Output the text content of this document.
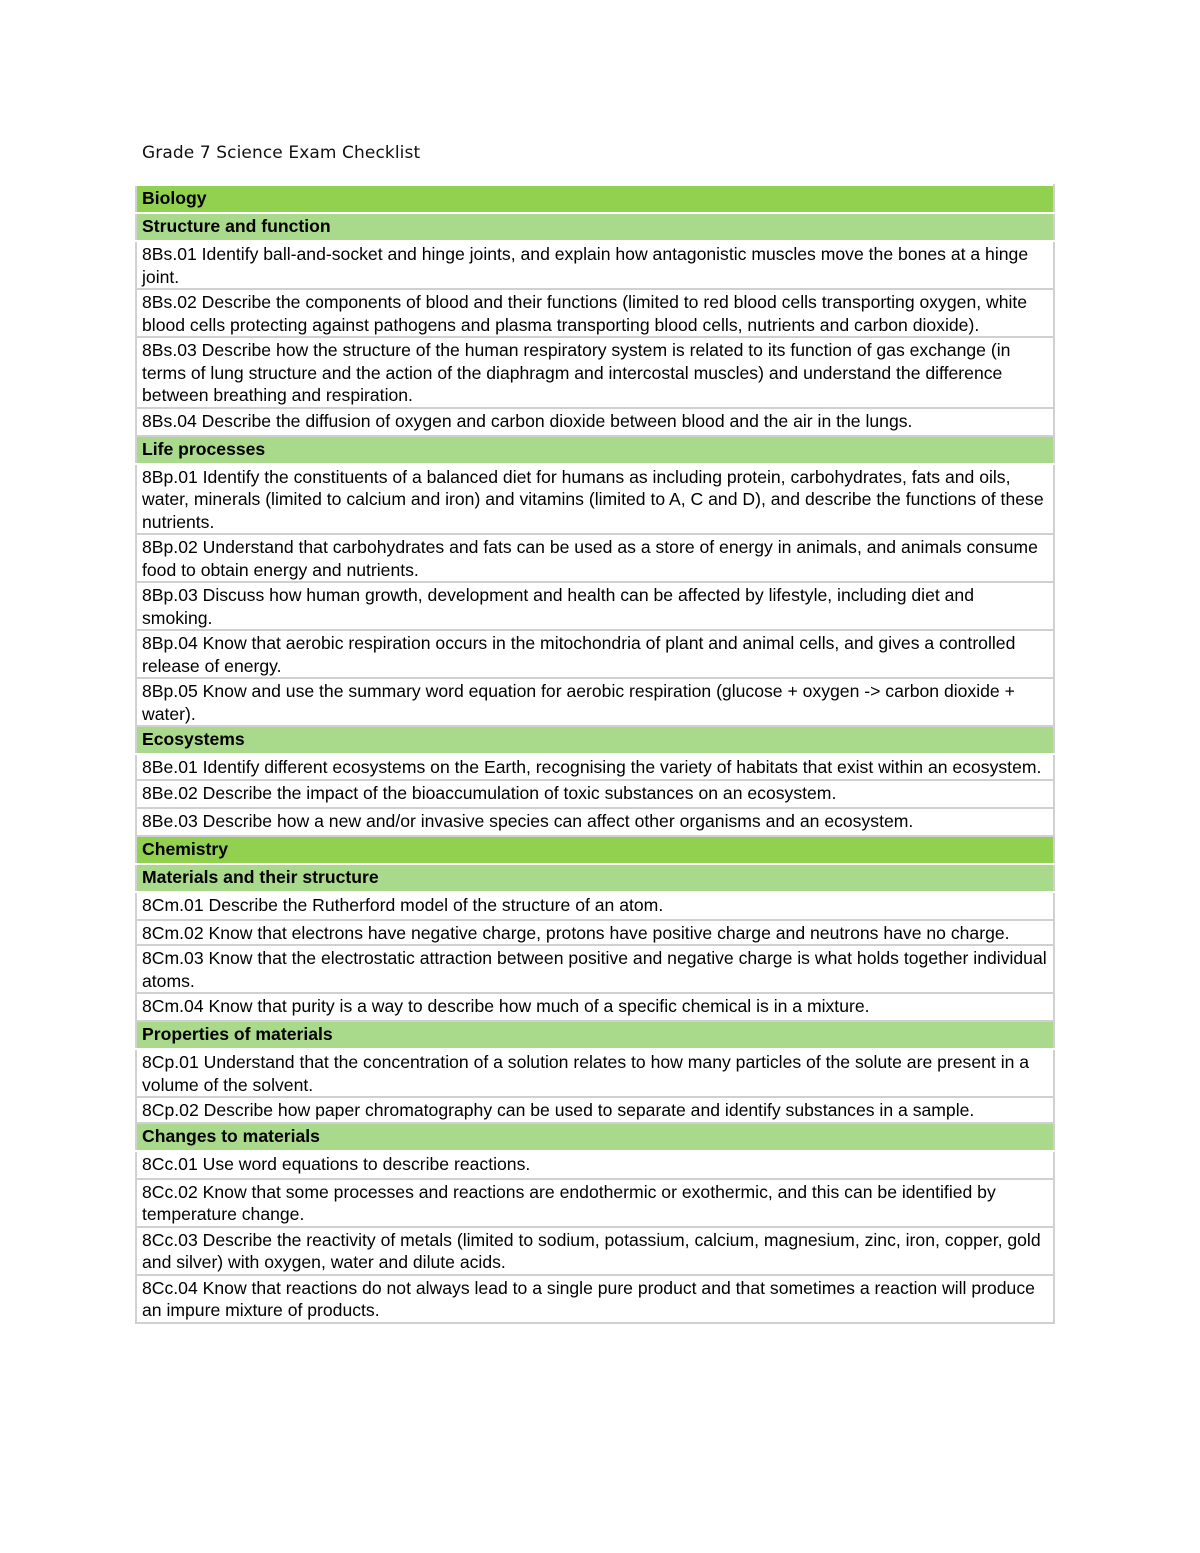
Grade 7 Science Exam Checklist
Biology
Structure and function
8Bs.01 Identify ball-and-socket and hinge joints, and explain how antagonistic muscles move the bones at a hinge joint.
8Bs.02 Describe the components of blood and their functions (limited to red blood cells transporting oxygen, white blood cells protecting against pathogens and plasma transporting blood cells, nutrients and carbon dioxide).
8Bs.03 Describe how the structure of the human respiratory system is related to its function of gas exchange (in terms of lung structure and the action of the diaphragm and intercostal muscles) and understand the difference between breathing and respiration.
8Bs.04 Describe the diffusion of oxygen and carbon dioxide between blood and the air in the lungs.
Life processes
8Bp.01 Identify the constituents of a balanced diet for humans as including protein, carbohydrates, fats and oils, water, minerals (limited to calcium and iron) and vitamins (limited to A, C and D), and describe the functions of these nutrients.
8Bp.02 Understand that carbohydrates and fats can be used as a store of energy in animals, and animals consume food to obtain energy and nutrients.
8Bp.03 Discuss how human growth, development and health can be affected by lifestyle, including diet and smoking.
8Bp.04 Know that aerobic respiration occurs in the mitochondria of plant and animal cells, and gives a controlled release of energy.
8Bp.05 Know and use the summary word equation for aerobic respiration (glucose + oxygen -> carbon dioxide + water).
Ecosystems
8Be.01 Identify different ecosystems on the Earth, recognising the variety of habitats that exist within an ecosystem.
8Be.02 Describe the impact of the bioaccumulation of toxic substances on an ecosystem.
8Be.03 Describe how a new and/or invasive species can affect other organisms and an ecosystem.
Chemistry
Materials and their structure
8Cm.01 Describe the Rutherford model of the structure of an atom.
8Cm.02 Know that electrons have negative charge, protons have positive charge and neutrons have no charge.
8Cm.03 Know that the electrostatic attraction between positive and negative charge is what holds together individual atoms.
8Cm.04 Know that purity is a way to describe how much of a specific chemical is in a mixture.
Properties of materials
8Cp.01 Understand that the concentration of a solution relates to how many particles of the solute are present in a volume of the solvent.
8Cp.02 Describe how paper chromatography can be used to separate and identify substances in a sample.
Changes to materials
8Cc.01 Use word equations to describe reactions.
8Cc.02 Know that some processes and reactions are endothermic or exothermic, and this can be identified by temperature change.
8Cc.03 Describe the reactivity of metals (limited to sodium, potassium, calcium, magnesium, zinc, iron, copper, gold and silver) with oxygen, water and dilute acids.
8Cc.04 Know that reactions do not always lead to a single pure product and that sometimes a reaction will produce an impure mixture of products.
